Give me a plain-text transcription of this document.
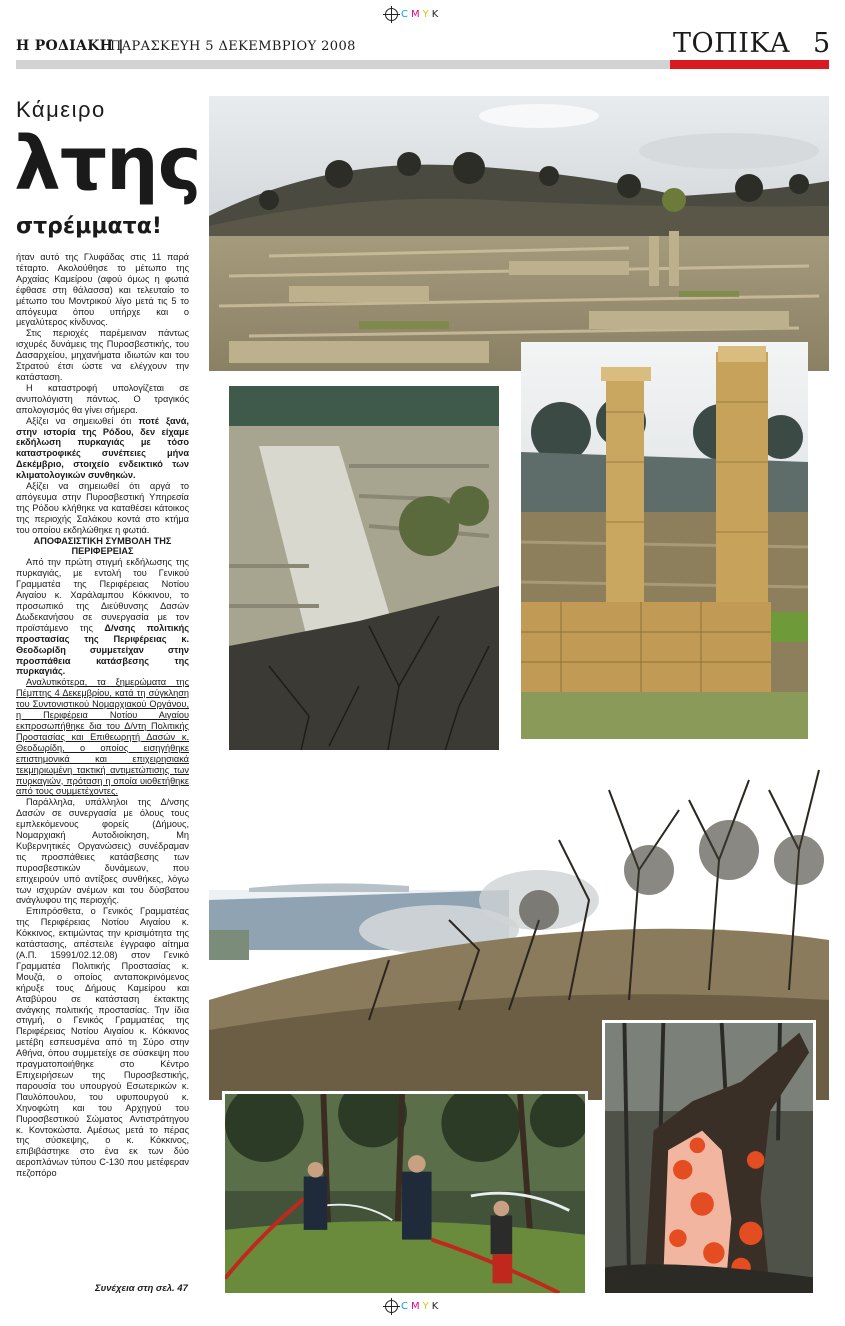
C M Y K
C M Y K
Η ΡΟΔΙΑΚΗ |
ΠΑΡΑΣΚΕΥΗ 5 ΔΕΚΕΜΒΡΙΟΥ 2008	ΤΟΠΙΚΑ 5
Κάμειρο
λτης
στρέμματα!

ήταν αυτό της Γλυφάδας στις 11 παρά τέταρτο. Ακολούθησε το μέτωπο της Αρχαίας Καμείρου (αφού όμως η φωτιά έφθασε στη θάλασσα) και τελευταίο το μέτωπο του Μοντρικού λίγο μετά τις 5 το απόγευμα όπου υπήρχε και ο μεγαλύτερος κίνδυνος.

Στις περιοχές παρέμειναν πάντως ισχυρές δυνάμεις της Πυροσβεστικής, του Δασαρχείου, μηχανήματα ιδιωτών και του Στρατού έτσι ώστε να ελέγχουν την κατάσταση.

Η καταστροφή υπολογίζεται σε ανυπολόγιστη πάντως. Ο τραγικός απολογισμός θα γίνει σήμερα.

Αξίζει να σημειωθεί ότι ποτέ ξανά, στην ιστορία της Ρόδου, δεν είχαμε εκδήλωση πυρκαγιάς με τόσο καταστροφικές συνέπειες μήνα Δεκέμβριο, στοιχείο ενδεικτικό των κλιματολογικών συνθηκών.

Αξίζει να σημειωθεί ότι αργά το απόγευμα στην Πυροσβεστική Υπηρεσία της Ρόδου κλήθηκε να καταθέσει κάτοικος της περιοχής Σαλάκου κοντά στο κτήμα του οποίου εκδηλώθηκε η φωτιά.

ΑΠΟΦΑΣΙΣΤΙΚΗ ΣΥΜΒΟΛΗ ΤΗΣ ΠΕΡΙΦΕΡΕΙΑΣ

Από την πρώτη στιγμή εκδήλωσης της πυρκαγιάς, με εντολή του Γενικού Γραμματέα της Περιφέρειας Νοτίου Αιγαίου κ. Χαράλαμπου Κόκκινου, το προσωπικό της Διεύθυνσης Δασών Δωδεκανήσου σε συνεργασία με τον προϊστάμενο της Δ/νσης πολιτικής προστασίας της Περιφέρειας κ. Θεοδωρίδη συμμετείχαν στην προσπάθεια κατάσβεσης της πυρκαγιάς.

Αναλυτικότερα, τα ξημερώματα της Πέμπτης 4 Δεκεμβρίου, κατά τη σύγκληση του Συντονιστικού Νομαρχιακού Οργάνου, η Περιφέρεια Νοτίου Αιγαίου εκπροσωπήθηκε δια του Δ/ντη Πολιτικής Προστασίας και Επιθεωρητή Δασών κ. Θεοδωρίδη, ο οποίος εισηγήθηκε επιστημονικά και επιχειρησιακά τεκμηριωμένη τακτική αντιμετώπισης των πυρκαγιών, πρόταση η οποία υιοθετήθηκε από τους συμμετέχοντες.

Παράλληλα, υπάλληλοι της Δ/νσης Δασών σε συνεργασία με όλους τους εμπλεκόμενους φορείς (Δήμους, Νομαρχιακή Αυτοδιοίκηση, Μη Κυβερνητικές Οργανώσεις) συνέδραμαν τις προσπάθειες κατάσβεσης των πυροσβεστικών δυνάμεων, που επιχειρούν υπό αντίξοες συνθήκες, λόγω των ισχυρών ανέμων και του δύσβατου ανάγλυφου της περιοχής.

Επιπρόσθετα, ο Γενικός Γραμματέας της Περιφέρειας Νοτίου Αιγαίου κ. Κόκκινος, εκτιμώντας την κρισιμότητα της κατάστασης, απέστειλε έγγραφο αίτημα (Α.Π. 15991/02.12.08) στον Γενικό Γραμματέα Πολιτικής Προστασίας κ. Μουζά, ο οποίος ανταποκρινόμενος κήρυξε τους Δήμους Καμείρου και Αταβύρου σε κατάσταση έκτακτης ανάγκης πολιτικής προστασίας. Την ίδια στιγμή, ο Γενικός Γραμματέας της Περιφέρειας Νοτίου Αιγαίου κ. Κόκκινος μετέβη εσπευσμένα από τη Σύρο στην Αθήνα, όπου συμμετείχε σε σύσκεψη που πραγματοποιήθηκε στο Κέντρο Επιχειρήσεων της Πυροσβεστικής, παρουσία του υπουργού Εσωτερικών κ. Παυλόπουλου, του υφυπουργού κ. Χηνοφώτη και του Αρχηγού του Πυροσβεστικού Σώματος Αντιστράτηγου κ. Κοντοκώστα. Αμέσως μετά το πέρας της σύσκεψης, ο κ. Κόκκινος, επιβιβάστηκε στο ένα εκ των δύο αεροπλάνων τύπου C-130 που μετέφεραν πεζοπόρο

Συνέχεια στη σελ. 47
